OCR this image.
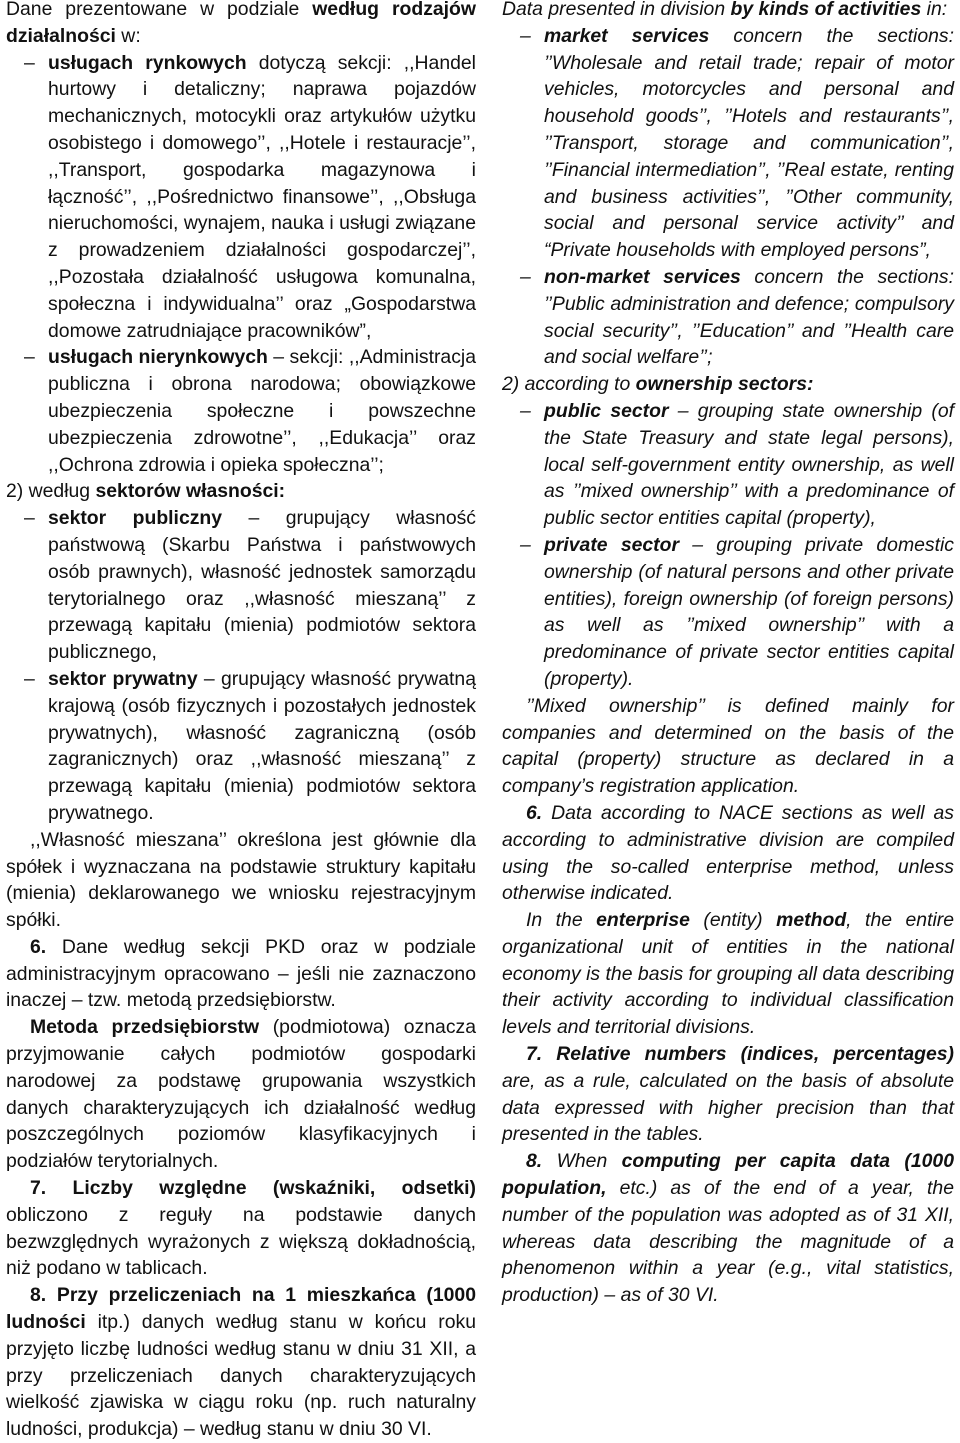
Dane prezentowane w podziale według rodzajów działalności w:

– usługach rynkowych dotyczą sekcji: ,,Handel hurtowy i detaliczny; naprawa pojazdów mechanicznych, motocykli oraz artykułów użytku osobistego i domowego’’, ,,Hotele i restauracje’’, ,,Transport, gospodarka magazynowa i łączność’’, ,,Pośrednictwo finansowe’’, ,,Obsługa nieruchomości, wynajem, nauka i usługi związane z prowadzeniem działalności gospodarczej’’, ,,Pozostała działalność usługowa komunalna, społeczna i indywidualna’’ oraz „Gospodarstwa domowe zatrudniające pracowników”,

– usługach nierynkowych – sekcji: ,,Administracja publiczna i obrona narodowa; obowiązkowe ubezpieczenia społeczne i powszechne ubezpieczenia zdrowotne’’, ,,Edukacja’’ oraz ,,Ochrona zdrowia i opieka społeczna’’;

2) według sektorów własności:

– sektor publiczny – grupujący własność państwową (Skarbu Państwa i państwowych osób prawnych), własność jednostek samorządu terytorialnego oraz ,,własność mieszaną’’ z przewagą kapitału (mienia) podmiotów sektora publicznego,

– sektor prywatny – grupujący własność prywatną krajową (osób fizycznych i pozostałych jednostek prywatnych), własność zagraniczną (osób zagranicznych) oraz ,,własność mieszaną’’ z przewagą kapitału (mienia) podmiotów sektora prywatnego.

,,Własność mieszana’’ określona jest głównie dla spółek i wyznaczana na podstawie struktury kapitału (mienia) deklarowanego we wniosku rejestracyjnym spółki.

6. Dane według sekcji PKD oraz w podziale administracyjnym opracowano – jeśli nie zaznaczono inaczej – tzw. metodą przedsiębiorstw.

Metoda przedsiębiorstw (podmiotowa) oznacza przyjmowanie całych podmiotów gospodarki narodowej za podstawę grupowania wszystkich danych charakteryzujących ich działalność według poszczególnych poziomów klasyfikacyjnych i podziałów terytorialnych.

7. Liczby względne (wskaźniki, odsetki) obliczono z reguły na podstawie danych bezwzględnych wyrażonych z większą dokładnością, niż podano w tablicach.

8. Przy przeliczeniach na 1 mieszkańca (1000 ludności itp.) danych według stanu w końcu roku przyjęto liczbę ludności według stanu w dniu 31 XII, a przy przeliczeniach danych charakteryzujących wielkość zjawiska w ciągu roku (np. ruch naturalny ludności, produkcja) – według stanu w dniu 30 VI.

Data presented in division by kinds of activities in:

– market services concern the sections: ’’Wholesale and retail trade; repair of motor vehicles, motorcycles and personal and household goods’’, ’’Hotels and restaurants’’, ’’Transport, storage and communication’’, ’’Financial intermediation’’, ’’Real estate, renting and business activities’’, ’’Other community, social and personal service activity’’ and “Private households with employed persons”,

– non-market services concern the sections: ’’Public administration and defence; compulsory social security’’, ’’Education’’ and ’’Health care and social welfare’’;

2) according to ownership sectors:

– public sector – grouping state ownership (of the State Treasury and state legal persons), local self-government entity ownership, as well as ’’mixed ownership’’ with a predominance of public sector entities capital (property),

– private sector – grouping private domestic ownership (of natural persons and other private entities), foreign ownership (of foreign persons) as well as ’’mixed ownership’’ with a predominance of private sector entities capital (property).

’’Mixed ownership’’ is defined mainly for companies and determined on the basis of the capital (property) structure as declared in a company’s registration application.

6. Data according to NACE sections as well as according to administrative division are compiled using the so-called enterprise method, unless otherwise indicated.

In the enterprise (entity) method, the entire organizational unit of entities in the national economy is the basis for grouping all data describing their activity according to individual classification levels and territorial divisions.

7. Relative numbers (indices, percentages) are, as a rule, calculated on the basis of absolute data expressed with higher precision than that presented in the tables.

8. When computing per capita data (1000 population, etc.) as of the end of a year, the number of the population was adopted as of 31 XII, whereas data describing the magnitude of a phenomenon within a year (e.g., vital statistics, production) – as of 30 VI.
